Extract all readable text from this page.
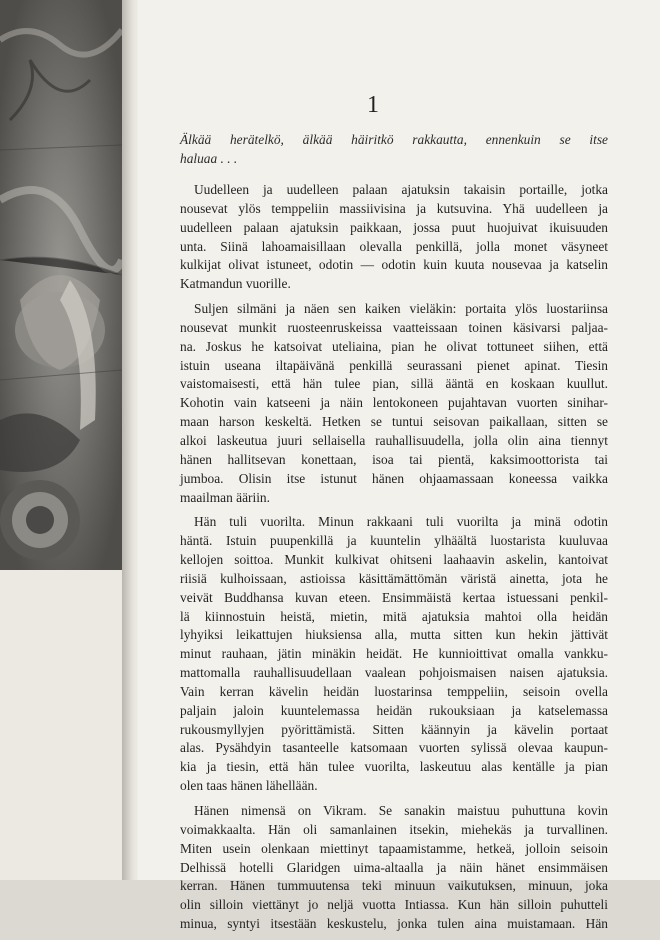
1

Älkää herätelkö, älkää häiritkö rakkautta, ennenkuin se itse
haluaa . . .

Uudelleen ja uudelleen palaan ajatuksin takaisin portaille, jotka
nousevat ylös temppeliin massiivisina ja kutsuvina. Yhä uudelleen ja
uudelleen palaan ajatuksin paikkaan, jossa puut huojuivat ikuisuuden
unta. Siinä lahoamaisillaan olevalla penkillä, jolla monet väsyneet
kulkijat olivat istuneet, odotin — odotin kuin kuuta nousevaa ja katselin
Katmandun vuorille.

Suljen silmäni ja näen sen kaiken vieläkin: portaita ylös luostariinsa
nousevat munkit ruosteenruskeissa vaatteissaan toinen käsivarsi paljaa-
na. Joskus he katsoivat uteliaina, pian he olivat tottuneet siihen, että
istuin useana iltapäivänä penkillä seurassani pienet apinat. Tiesin
vaistomaisesti, että hän tulee pian, sillä ääntä en koskaan kuullut.
Kohotin vain katseeni ja näin lentokoneen pujahtavan vuorten sinihar-
maan harson keskeltä. Hetken se tuntui seisovan paikallaan, sitten se
alkoi laskeutua juuri sellaisella rauhallisuudella, jolla olin aina tiennyt
hänen hallitsevan konettaan, isoa tai pientä, kaksimoottorista tai
jumboa. Olisin itse istunut hänen ohjaamassaan koneessa vaikka
maailman ääriin.

Hän tuli vuorilta. Minun rakkaani tuli vuorilta ja minä odotin
häntä. Istuin puupenkillä ja kuuntelin ylhäältä luostarista kuuluvaa
kellojen soittoa. Munkit kulkivat ohitseni laahaavin askelin, kantoivat
riisiä kulhoissaan, astioissa käsittämättömän väristä ainetta, jota he
veivät Buddhansa kuvan eteen. Ensimmäistä kertaa istuessani penkil-
lä kiinnostuin heistä, mietin, mitä ajatuksia mahtoi olla heidän
lyhyiksi leikattujen hiuksiensa alla, mutta sitten kun hekin jättivät
minut rauhaan, jätin minäkin heidät. He kunnioittivat omalla vankku-
mattomalla rauhallisuudellaan vaalean pohjoismaisen naisen ajatuksia.
Vain kerran kävelin heidän luostarinsa temppeliin, seisoin ovella
paljain jaloin kuuntelemassa heidän rukouksiaan ja katselemassa
rukousmyllyjen pyörittämistä. Sitten käännyin ja kävelin portaat
alas. Pysähdyin tasanteelle katsomaan vuorten sylissä olevaa kaupun-
kia ja tiesin, että hän tulee vuorilta, laskeutuu alas kentälle ja pian
olen taas hänen lähellään.

Hänen nimensä on Vikram. Se sanakin maistuu puhuttuna kovin
voimakkaalta. Hän oli samanlainen itsekin, miehekäs ja turvallinen.
Miten usein olenkaan miettinyt tapaamistamme, hetkeä, jolloin seisoin
Delhissä hotelli Glaridgen uima-altaalla ja näin hänet ensimmäisen
kerran. Hänen tummuutensa teki minuun vaikutuksen, minuun, joka
olin silloin viettänyt jo neljä vuotta Intiassa. Kun hän silloin puhutteli
minua, syntyi itsestään keskustelu, jonka tulen aina muistamaan. Hän
